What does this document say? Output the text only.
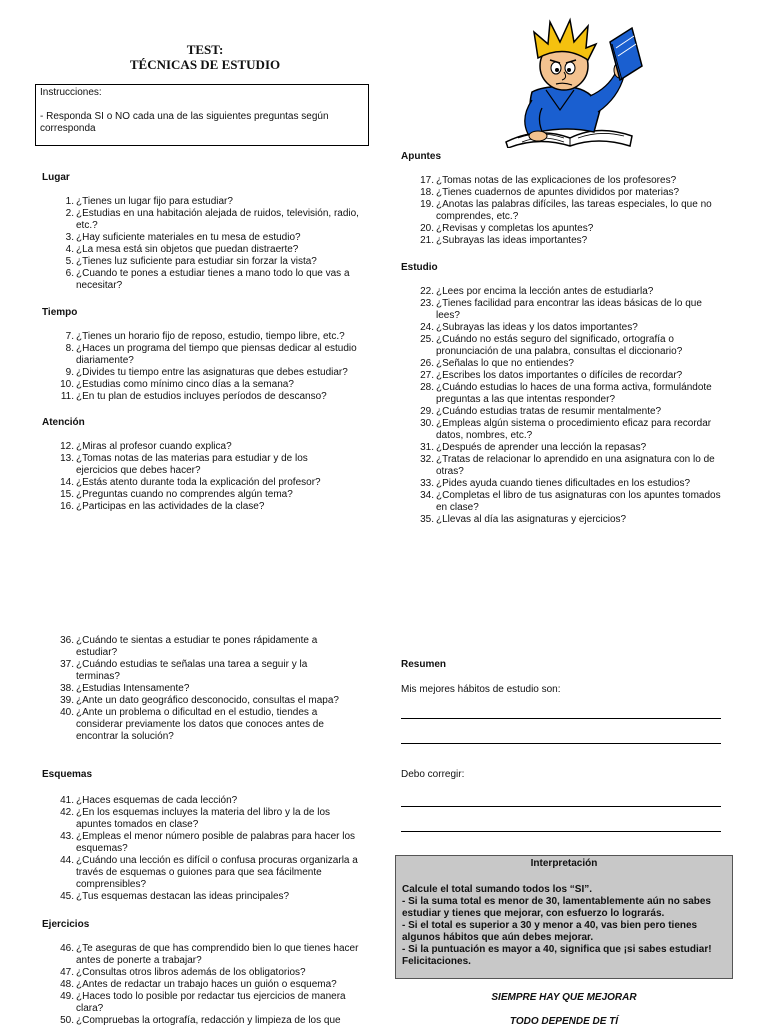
TEST:
TÉCNICAS DE ESTUDIO

Instrucciones:

- Responda SI o NO cada una de las siguientes preguntas según corresponda

Lugar
1. ¿Tienes un lugar fijo para estudiar?
2. ¿Estudias en una habitación alejada de ruidos, televisión, radio, etc.?
3. ¿Hay suficiente materiales en tu mesa de estudio?
4. ¿La mesa está sin objetos que puedan distraerte?
5. ¿Tienes luz suficiente para estudiar sin forzar la vista?
6. ¿Cuando te pones a estudiar tienes a mano todo lo que vas a necesitar?
Tiempo
7. ¿Tienes un horario fijo de reposo, estudio, tiempo libre, etc.?
8. ¿Haces un programa del tiempo que piensas dedicar al estudio diariamente?
9. ¿Divides tu tiempo entre las asignaturas que debes estudiar?
10. ¿Estudias como mínimo cinco días a la semana?
11. ¿En tu plan de estudios incluyes períodos de descanso?
Atención
12. ¿Miras al profesor cuando explica?
13. ¿Tomas notas de las materias para estudiar y de los ejercicios que debes hacer?
14. ¿Estás atento durante toda la explicación del profesor?
15. ¿Preguntas cuando no comprendes algún tema?
16. ¿Participas en las actividades de la clase?
Apuntes
17. ¿Tomas notas de las explicaciones de los profesores?
18. ¿Tienes cuadernos de apuntes divididos por materias?
19. ¿Anotas las palabras difíciles, las tareas especiales, lo que no comprendes, etc.?
20. ¿Revisas y completas los apuntes?
21. ¿Subrayas las ideas importantes?
Estudio
22. ¿Lees por encima la lección antes de estudiarla?
23. ¿Tienes facilidad para encontrar las ideas básicas de lo que lees?
24. ¿Subrayas las ideas y los datos importantes?
25. ¿Cuándo no estás seguro del significado, ortografía o pronunciación de una palabra, consultas el diccionario?
26. ¿Señalas lo que no entiendes?
27. ¿Escribes los datos importantes o difíciles de recordar?
28. ¿Cuándo estudias lo haces de una forma activa, formulándote preguntas a las que intentas responder?
29. ¿Cuándo estudias tratas de resumir mentalmente?
30. ¿Empleas algún sistema o procedimiento eficaz para recordar datos, nombres, etc.?
31. ¿Después de aprender una lección la repasas?
32. ¿Tratas de relacionar lo aprendido en una asignatura con lo de otras?
33. ¿Pides ayuda cuando tienes dificultades en los estudios?
34. ¿Completas el libro de tus asignaturas con los apuntes tomados en clase?
35. ¿Llevas al día las asignaturas y ejercicios?
36. ¿Cuándo te sientas a estudiar te pones rápidamente a estudiar?
37. ¿Cuándo estudias te señalas una tarea a seguir y la terminas?
38. ¿Estudias Intensamente?
39. ¿Ante un dato geográfico desconocido, consultas el mapa?
40. ¿Ante un problema o dificultad en el estudio, tiendes a considerar previamente los datos que conoces antes de encontrar la solución?
Esquemas
41. ¿Haces esquemas de cada lección?
42. ¿En los esquemas incluyes la materia del libro y la de los apuntes tomados en clase?
43. ¿Empleas el menor número posible de palabras para hacer los esquemas?
44. ¿Cuándo una lección es difícil o confusa procuras organizarla a través de esquemas o guiones para que sea fácilmente comprensibles?
45. ¿Tus esquemas destacan las ideas principales?
Ejercicios
46. ¿Te aseguras de que has comprendido bien lo que tienes hacer antes de ponerte a trabajar?
47. ¿Consultas otros libros además de los obligatorios?
48. ¿Antes de redactar un trabajo haces un guión o esquema?
49. ¿Haces todo lo posible por redactar tus ejercicios de manera clara?
50. ¿Compruebas la ortografía, redacción y limpieza de los que
Resumen
Mis mejores hábitos de estudio son:
Debo corregir:
Interpretación

Calcule el total sumando todos los “SI”.

- Si la suma total es menor de 30, lamentablemente aún no sabes estudiar y tienes que mejorar, con esfuerzo lo lograrás.

- Si el total es superior a 30 y menor a 40, vas bien pero tienes algunos hábitos que aún debes mejorar.

- Si la puntuación es mayor a 40, significa que ¡si sabes estudiar! Felicitaciones.

SIEMPRE HAY QUE MEJORAR
TODO DEPENDE DE TÍ
